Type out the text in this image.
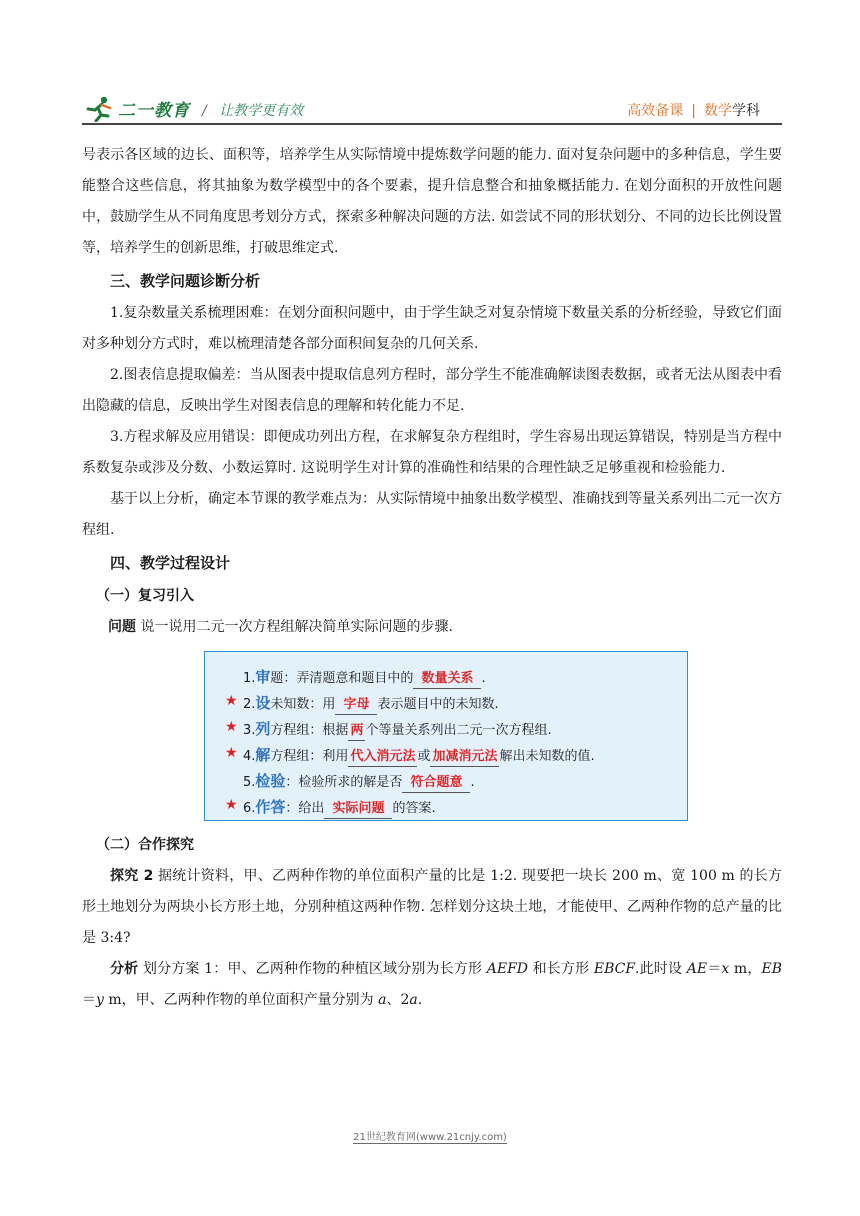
二一教育 / 让教学更有效	高效备课 | 数学学科

号表示各区域的边长、面积等，培养学生从实际情境中提炼数学问题的能力. 面对复杂问题中的多种信息，学生要能整合这些信息，将其抽象为数学模型中的各个要素，提升信息整合和抽象概括能力. 在划分面积的开放性问题中，鼓励学生从不同角度思考划分方式，探索多种解决问题的方法. 如尝试不同的形状划分、不同的边长比例设置等，培养学生的创新思维，打破思维定式.

三、教学问题诊断分析

1.复杂数量关系梳理困难：在划分面积问题中，由于学生缺乏对复杂情境下数量关系的分析经验，导致它们面对多种划分方式时，难以梳理清楚各部分面积间复杂的几何关系.

2.图表信息提取偏差：当从图表中提取信息列方程时，部分学生不能准确解读图表数据，或者无法从图表中看出隐藏的信息，反映出学生对图表信息的理解和转化能力不足.

3.方程求解及应用错误：即便成功列出方程，在求解复杂方程组时，学生容易出现运算错误，特别是当方程中系数复杂或涉及分数、小数运算时. 这说明学生对计算的准确性和结果的合理性缺乏足够重视和检验能力.

基于以上分析，确定本节课的教学难点为：从实际情境中抽象出数学模型、准确找到等量关系列出二元一次方程组.

四、教学过程设计

（一）复习引入

问题 说一说用二元一次方程组解决简单实际问题的步骤.

1.审题：弄清题意和题目中的 数量关系 .
★ 2.设未知数：用 字母 表示题目中的未知数.
★ 3.列方程组：根据 两 个等量关系列出二元一次方程组.
★ 4.解方程组：利用 代入消元法 或 加减消元法 解出未知数的值.
5.检验：检验所求的解是否 符合题意 .
★ 6.作答：给出 实际问题 的答案.

（二）合作探究

探究 2 据统计资料，甲、乙两种作物的单位面积产量的比是 1:2. 现要把一块长 200 m、宽 100 m 的长方形土地划分为两块小长方形土地，分别种植这两种作物. 怎样划分这块土地，才能使甲、乙两种作物的总产量的比是 3:4?

分析 划分方案 1：甲、乙两种作物的种植区域分别为长方形 AEFD 和长方形 EBCF.此时设 AE＝x m，EB＝y m，甲、乙两种作物的单位面积产量分别为 a、2a.

21世纪教育网(www.21cnjy.com)
